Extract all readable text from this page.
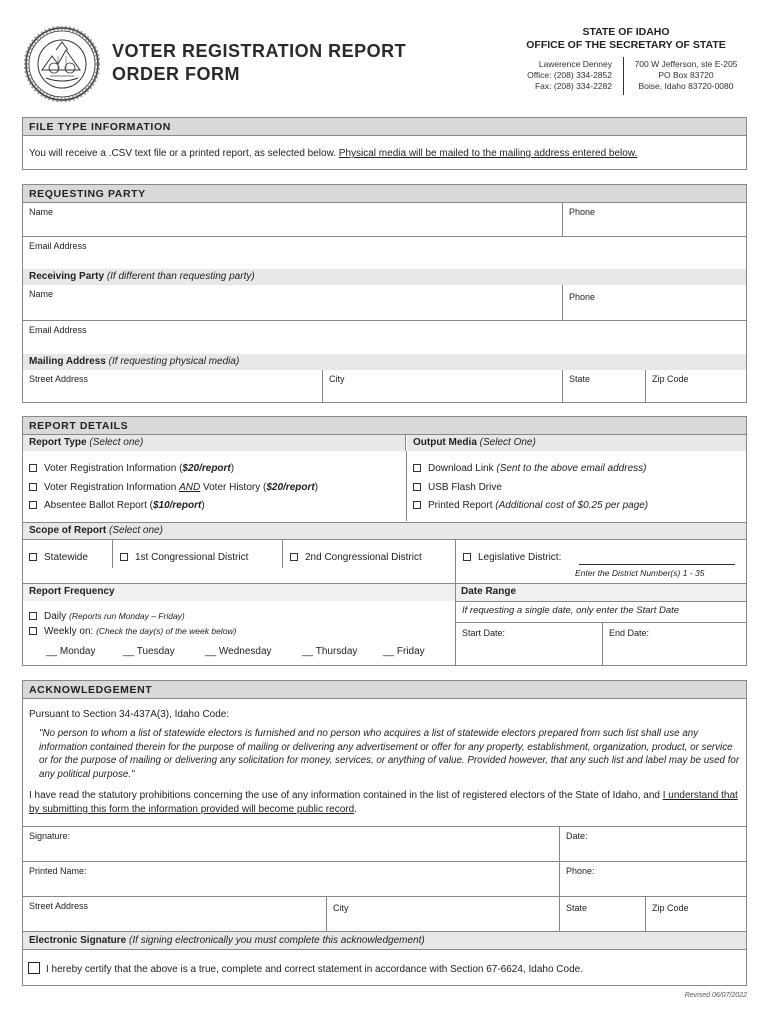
VOTER REGISTRATION REPORT
ORDER FORM
STATE OF IDAHO
OFFICE OF THE SECRETARY OF STATE
Lawerence Denney
Office: (208) 334-2852
Fax: (208) 334-2282
700 W Jefferson, ste E-205
PO Box 83720
Boise, Idaho 83720-0080
FILE TYPE INFORMATION
You will receive a .CSV text file or a printed report, as selected below. Physical media will be mailed to the mailing address entered below.
REQUESTING PARTY
Name	Phone
Email Address
Receiving Party (If different than requesting party)
Name	Phone
Email Address
Mailing Address (If requesting physical media)
Street Address	City	State	Zip Code
REPORT DETAILS
Report Type (Select one)	Output Media (Select One)
Voter Registration Information ($20/report)
Voter Registration Information AND Voter History ($20/report)
Absentee Ballot Report ($10/report)
Download Link (Sent to the above email address)
USB Flash Drive
Printed Report (Additional cost of $0.25 per page)
Scope of Report (Select one)
Statewide	1st Congressional District	2nd Congressional District	Legislative District:
Enter the District Number(s) 1 - 35
Report Frequency	Date Range
If requesting a single date, only enter the Start Date
Start Date:	End Date:
Daily (Reports run Monday – Friday)
Weekly on: (Check the day(s) of the week below)
__ Monday	__ Tuesday	__ Wednesday	__ Thursday	__ Friday
ACKNOWLEDGEMENT
Pursuant to Section 34-437A(3), Idaho Code:
"No person to whom a list of statewide electors is furnished and no person who acquires a list of statewide electors prepared from such list shall use any information contained therein for the purpose of mailing or delivering any advertisement or offer for any property, establishment, organization, product, or service or for the purpose of mailing or delivering any solicitation for money, services, or anything of value. Provided however, that any such list and label may be used for any political purpose."
I have read the statutory prohibitions concerning the use of any information contained in the list of registered electors of the State of Idaho, and I understand that by submitting this form the information provided will become public record.
Signature:	Date:
Printed Name:	Phone:
Street Address	City	State	Zip Code
Electronic Signature (If signing electronically you must complete this acknowledgement)
I hereby certify that the above is a true, complete and correct statement in accordance with Section 67-6624, Idaho Code.
Revised 06/07/2022
